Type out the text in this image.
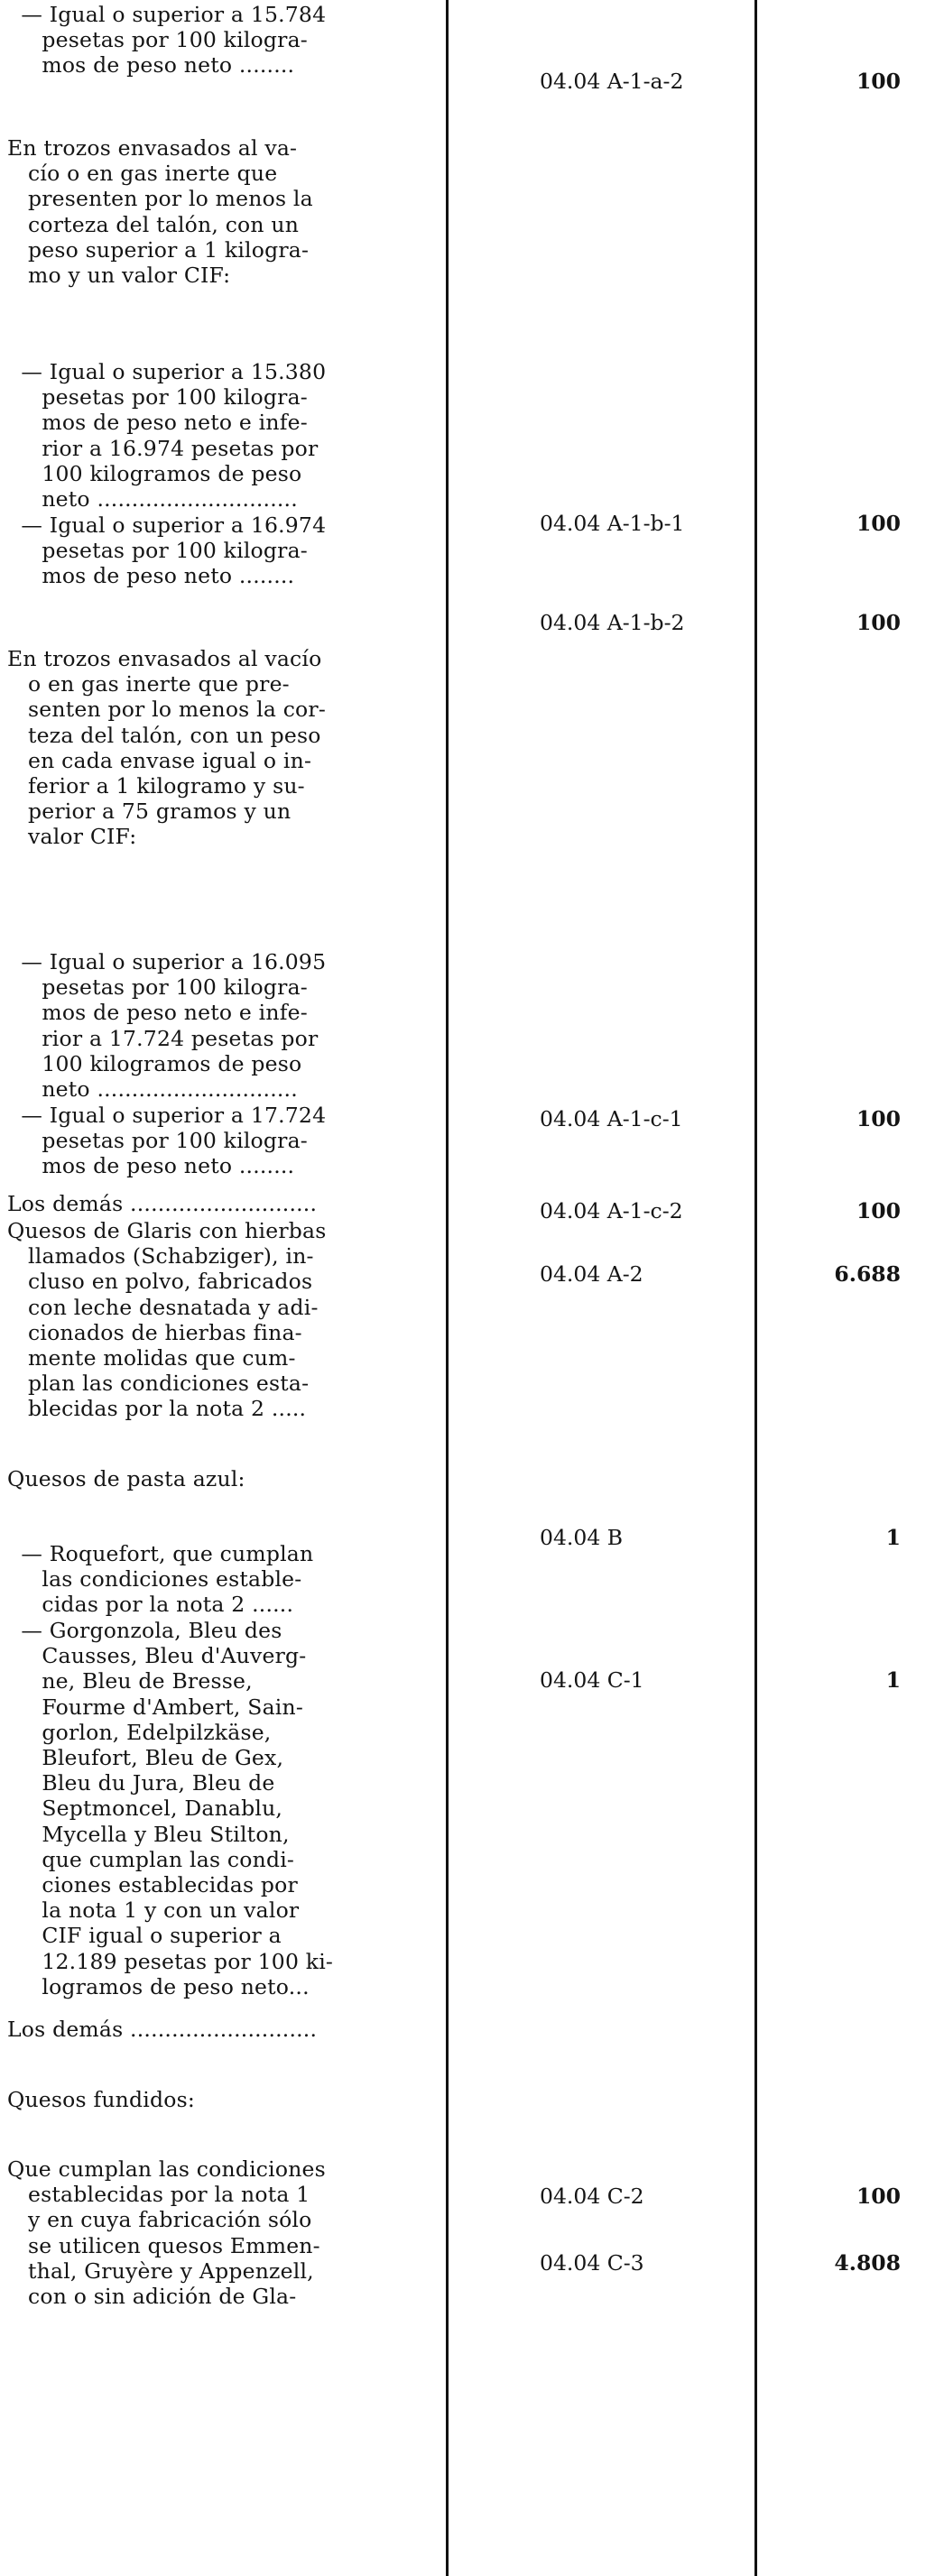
— Igual o superior a 15.784
pesetas por 100 kilogra-
mos de peso neto ........
En trozos envasados al va-
cío o en gas inerte que
presenten por lo menos la
corteza del talón, con un
peso superior a 1 kilogra-
mo y un valor CIF:
— Igual o superior a 15.380
pesetas por 100 kilogra-
mos de peso neto e infe-
rior a 16.974 pesetas por
100 kilogramos de peso
neto .............................
— Igual o superior a 16.974
pesetas por 100 kilogra-
mos de peso neto ........
En trozos envasados al vacío
o en gas inerte que pre-
senten por lo menos la cor-
teza del talón, con un peso
en cada envase igual o in-
ferior a 1 kilogramo y su-
perior a 75 gramos y un
valor CIF:
— Igual o superior a 16.095
pesetas por 100 kilogra-
mos de peso neto e infe-
rior a 17.724 pesetas por
100 kilogramos de peso
neto .............................
— Igual o superior a 17.724
pesetas por 100 kilogra-
mos de peso neto ........
Los demás ...........................
Quesos de Glaris con hierbas
llamados (Schabziger), in-
cluso en polvo, fabricados
con leche desnatada y adi-
cionados de hierbas fina-
mente molidas que cum-
plan las condiciones esta-
blecidas por la nota 2 .....
Quesos de pasta azul:
— Roquefort, que cumplan
las condiciones estable-
cidas por la nota 2 ......
— Gorgonzola, Bleu des
Causses, Bleu d'Auverg-
ne, Bleu de Bresse,
Fourme d'Ambert, Sain-
gorlon, Edelpilzkäse,
Bleufort, Bleu de Gex,
Bleu du Jura, Bleu de
Septmoncel, Danablu,
Mycella y Bleu Stilton,
que cumplan las condi-
ciones establecidas por
la nota 1 y con un valor
CIF igual o superior a
12.189 pesetas por 100 ki-
logramos de peso neto...
Los demás ...........................
Quesos fundidos:
Que cumplan las condiciones
establecidas por la nota 1
y en cuya fabricación sólo
se utilicen quesos Emmen-
thal, Gruyère y Appenzell,
con o sin adición de Gla-
04.04 A-1-a-2
04.04 A-1-b-1
04.04 A-1-b-2
04.04 A-1-c-1
04.04 A-1-c-2
04.04 A-2
04.04 B
04.04 C-1
04.04 C-2
04.04 C-3
100
100
100
100
100
6.688
1
1
100
4.808
